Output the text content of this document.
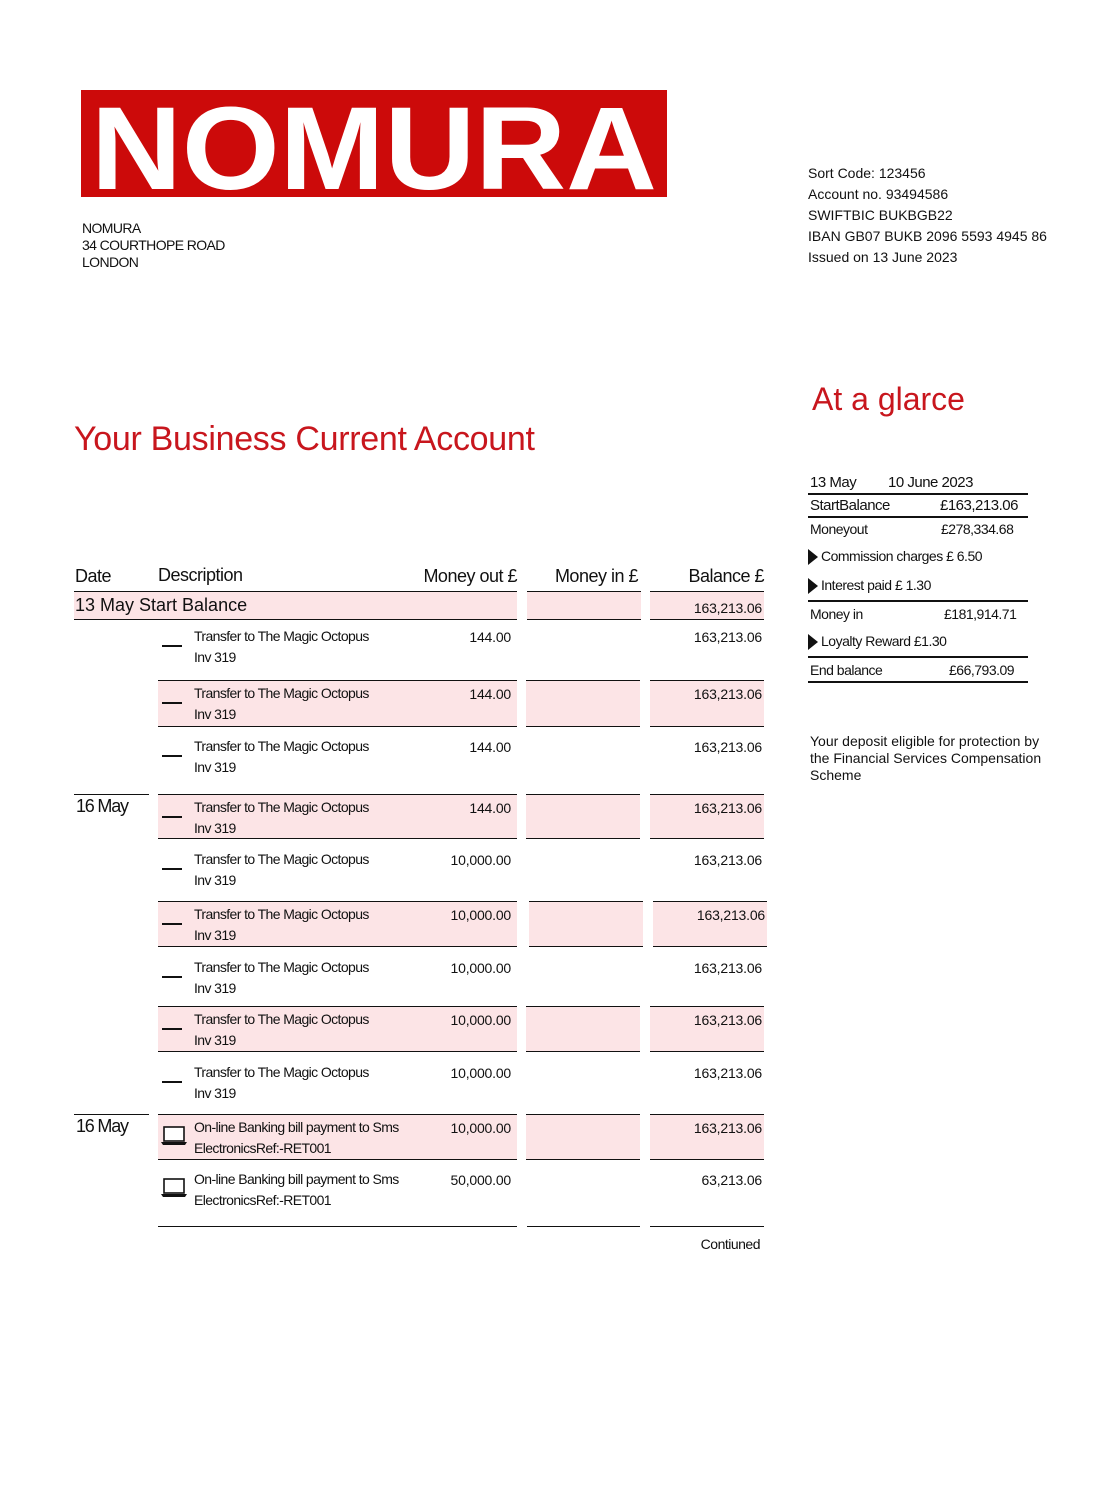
NOMURA
NOMURA
34 COURTHOPE ROAD
LONDON
Sort Code: 123456
Account no. 93494586
SWIFTBIC BUKBGB22
IBAN GB07 BUKB 2096 5593 4945 86
Issued on 13 June 2023
Your Business Current Account
At a glarce
13 May 10 June 2023
StartBalance	£163,213.06
Moneyout	£278,334.68
Commission charges £ 6.50
Interest paid £ 1.30
Money in	£181,914.71
Loyalty Reward £1.30
End balance	£66,793.09
Your deposit eligible for protection by the Financial Services Compensation Scheme
Date	Description	Money out £ Money in £	Balance £
13 May Start Balance	163,213.06
Transfer to The Magic Octopus
Inv 319
144.00	163,213.06
Transfer to The Magic Octopus
Inv 319
144.00	163,213.06
Transfer to The Magic Octopus
Inv 319
144.00	163,213.06
16 May	Transfer to The Magic Octopus
Inv 319
144.00	163,213.06
Transfer to The Magic Octopus
Inv 319
10,000.00	163,213.06
Transfer to The Magic Octopus
Inv 319
10,000.00	163,213.06
Transfer to The Magic Octopus
Inv 319
10,000.00	163,213.06
Transfer to The Magic Octopus
Inv 319
10,000.00	163,213.06
Transfer to The Magic Octopus
Inv 319
10,000.00	163,213.06
16 May	On-line Banking bill payment to Sms
ElectronicsRef:-RET001
10,000.00	163,213.06
On-line Banking bill payment to Sms
ElectronicsRef:-RET001
50,000.00	63,213.06
Contiuned
